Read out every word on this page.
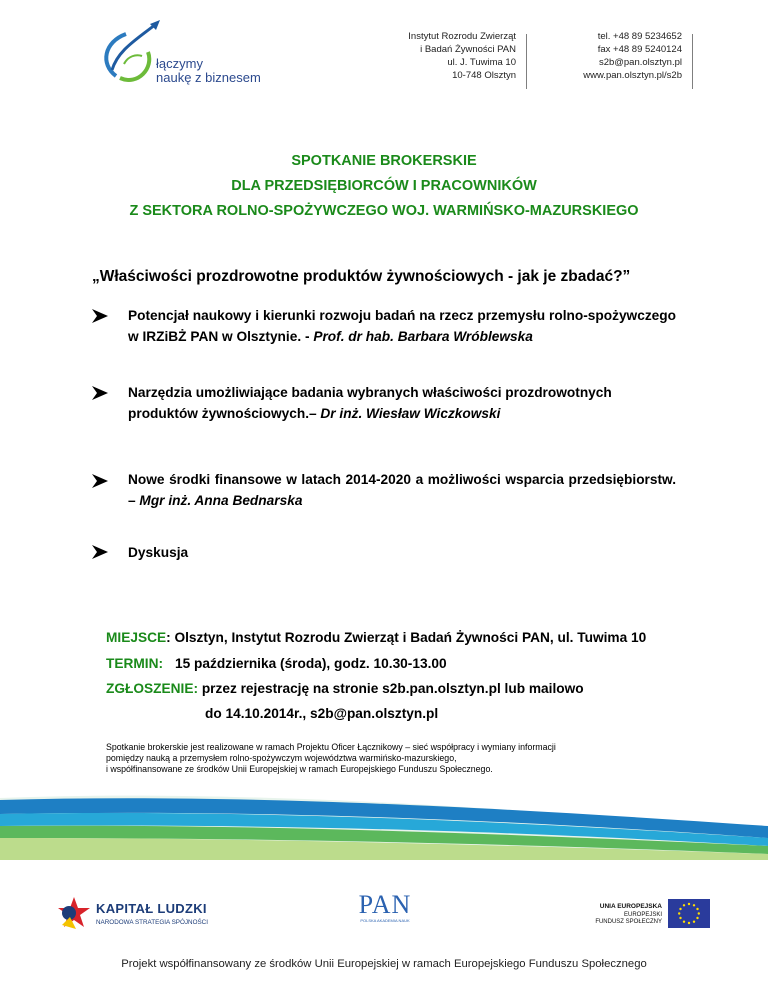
łączymy
naukę z biznesem
Instytut Rozrodu Zwierząt
i Badań Żywności PAN
ul. J. Tuwima 10
10-748 Olsztyn
tel. +48 89 5234652
fax +48 89 5240124
s2b@pan.olsztyn.pl
www.pan.olsztyn.pl/s2b
SPOTKANIE BROKERSKIE
DLA PRZEDSIĘBIORCÓW I PRACOWNIKÓW
Z SEKTORA ROLNO-SPOŻYWCZEGO WOJ. WARMIŃSKO-MAZURSKIEGO
„Właściwości prozdrowotne produktów żywnościowych - jak je zbadać?”
Potencjał naukowy i kierunki rozwoju badań na rzecz przemysłu rolno-spożywczego w IRZiBŻ PAN w Olsztynie. - Prof. dr hab. Barbara Wróblewska
Narzędzia umożliwiające badania wybranych właściwości prozdrowotnych produktów żywnościowych.– Dr inż. Wiesław Wiczkowski
Nowe środki finansowe w latach 2014-2020 a możliwości wsparcia przedsiębiorstw. – Mgr inż. Anna Bednarska
Dyskusja
MIEJSCE: Olsztyn, Instytut Rozrodu Zwierząt i Badań Żywności PAN, ul. Tuwima 10
TERMIN: 15 października (środa), godz. 10.30-13.00
ZGŁOSZENIE: przez rejestrację na stronie s2b.pan.olsztyn.pl lub mailowo
do 14.10.2014r., s2b@pan.olsztyn.pl
Spotkanie brokerskie jest realizowane w ramach Projektu Oficer Łącznikowy – sieć współpracy i wymiany informacji
pomiędzy nauką a przemysłem rolno-spożywczym województwa warmińsko-mazurskiego,
i współfinansowane ze środków Unii Europejskiej w ramach Europejskiego Funduszu Społecznego.
KAPITAŁ LUDZKI
NARODOWA STRATEGIA SPÓJNOŚCI
PAN
POLSKA AKADEMIA NAUK
UNIA EUROPEJSKA
EUROPEJSKI
FUNDUSZ SPOŁECZNY
Projekt współfinansowany ze środków Unii Europejskiej w ramach Europejskiego Funduszu Społecznego
